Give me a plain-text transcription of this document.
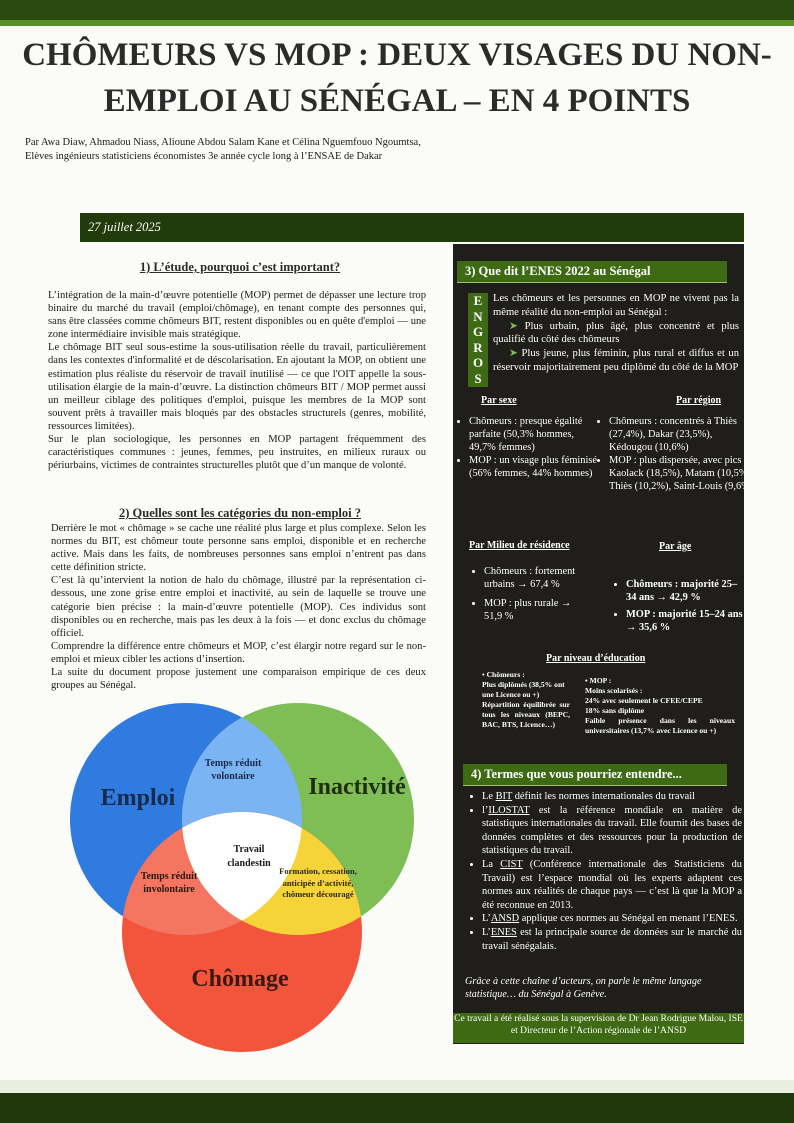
CHÔMEURS VS MOP : DEUX VISAGES DU NON-EMPLOI AU SÉNÉGAL – EN 4 POINTS
Par Awa Diaw, Ahmadou Niass, Alioune Abdou Salam Kane et Célina Nguemfouo Ngoumtsa,
Elèves ingénieurs statisticiens économistes 3e année cycle long à l’ENSAE de Dakar
27 juillet 2025
1) L’étude, pourquoi c’est important?

L’intégration de la main-d’œuvre potentielle (MOP) permet de dépasser une lecture trop binaire du marché du travail (emploi/chômage), en tenant compte des personnes qui, sans être classées comme chômeurs BIT, restent disponibles ou en quête d'emploi — une zone intermédiaire invisible mais stratégique.

Le chômage BIT seul sous-estime la sous-utilisation réelle du travail, particulièrement dans les contextes d'informalité et de déscolarisation. En ajoutant la MOP, on obtient une estimation plus réaliste du réservoir de travail inutilisé — ce que l'OIT appelle la sous-utilisation élargie de la main-d’œuvre. La distinction chômeurs BIT / MOP permet aussi un meilleur ciblage des politiques d'emploi, puisque les membres de la MOP sont souvent prêts à travailler mais bloqués par des obstacles structurels (genres, mobilité, ressources limitées).

Sur le plan sociologique, les personnes en MOP partagent fréquemment des caractéristiques communes : jeunes, femmes, peu instruites, en milieux ruraux ou périurbains, victimes de contraintes structurelles plutôt que d’un manque de volonté.

2) Quelles sont les catégories du non-emploi ?

Derrière le mot « chômage » se cache une réalité plus large et plus complexe. Selon les normes du BIT, est chômeur toute personne sans emploi, disponible et en recherche active. Mais dans les faits, de nombreuses personnes sans emploi n’entrent pas dans cette définition stricte.

C’est là qu’intervient la notion de halo du chômage, illustré par la représentation ci-dessous, une zone grise entre emploi et inactivité, au sein de laquelle se trouve une catégorie bien précise : la main-d’œuvre potentielle (MOP). Ces individus sont disponibles ou en recherche, mais pas les deux à la fois — et donc exclus du chômage officiel.

Comprendre la différence entre chômeurs et MOP, c’est élargir notre regard sur le non-emploi et mieux cibler les actions d’insertion.

La suite du document propose justement une comparaison empirique de ces deux groupes au Sénégal.

Emploi	Inactivité
Chômage
Temps réduit volontaire
Temps réduit involontaire
Formation, cessation, anticipée d’activité, chômeur découragé
Travail clandestin
3) Que dit l’ENES 2022 au Sénégal
E
N
G
R
O
S
Les chômeurs et les personnes en MOP ne vivent pas la même réalité du non-emploi au Sénégal :
➤ Plus urbain, plus âgé, plus concentré et plus qualifié du côté des chômeurs
➤ Plus jeune, plus féminin, plus rural et diffus et un réservoir majoritairement peu diplômé du côté de la MOP
Par sexe
• Chômeurs : presque égalité parfaite (50,3% hommes, 49,7% femmes)
• MOP : un visage plus féminisé (56% femmes, 44% hommes)
Par région
• Chômeurs : concentrés à Thiès (27,4%), Dakar (23,5%), Kédougou (10,6%)
• MOP : plus dispersée, avec pics à Kaolack (18,5%), Matam (10,5%), Thiès (10,2%), Saint-Louis (9,6%)
Par Milieu de résidence
• Chômeurs : fortement urbains → 67,4 %
• MOP : plus rurale → 51,9 %
Par âge
• Chômeurs : majorité 25–34 ans → 42,9 %
• MOP : majorité 15–24 ans → 35,6 %
Par niveau d’éducation
• Chômeurs :
Plus diplômés (38,5% ont une Licence ou +)
Répartition équilibrée sur tous les niveaux (BEPC, BAC, BTS, Licence…)
• MOP :
Moins scolarisés :
24% avec seulement le CFEE/CEPE
18% sans diplôme
Faible présence dans les niveaux universitaires (13,7% avec Licence ou +)
4) Termes que vous pourriez entendre...
• Le BIT définit les normes internationales du travail
• l’ILOSTAT est la référence mondiale en matière de statistiques internationales du travail. Elle fournit des bases de données complètes et des ressources pour la production de statistiques du travail.
• La CIST (Conférence internationale des Statisticiens du Travail) est l’espace mondial où les experts adaptent ces normes aux réalités de chaque pays — c’est là que la MOP a été reconnue en 2013.
• L’ANSD applique ces normes au Sénégal en menant l’ENES.
• L’ENES est la principale source de données sur le marché du travail sénégalais.
Grâce à cette chaîne d’acteurs, on parle le même langage statistique… du Sénégal à Genève.
Ce travail a été réalisé sous la supervision de Dr Jean Rodrigue Malou, ISE et Directeur de l’Action régionale de l’ANSD
